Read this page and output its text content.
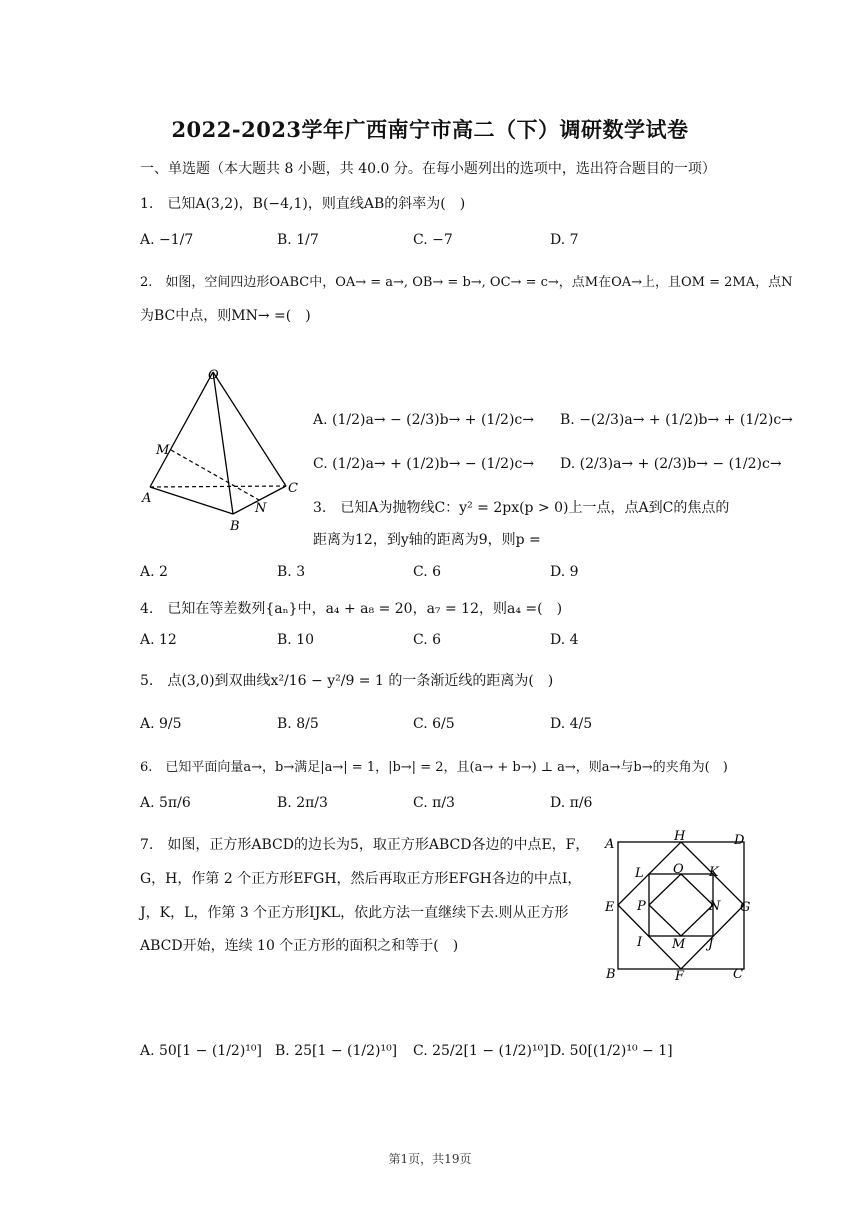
2022-2023学年广西南宁市高二（下）调研数学试卷
一、单选题（本大题共 8 小题，共 40.0 分。在每小题列出的选项中，选出符合题目的一项）
1.　已知A(3,2)，B(−4,1)，则直线AB的斜率为(　)
A. −1/7	B. 1/7	C. −7	D. 7
2.　如图，空间四边形OABC中，OA→ = a→, OB→ = b→, OC→ = c→，点M在OA→上，且OM = 2MA，点N
为BC中点，则MN→ =(　)
O
M
A
B
N
C
A. (1/2)a→ − (2/3)b→ + (1/2)c→ B. −(2/3)a→ + (1/2)b→ + (1/2)c→
C. (1/2)a→ + (1/2)b→ − (1/2)c→ D. (2/3)a→ + (2/3)b→ − (1/2)c→
3.　已知A为抛物线C：y² = 2px(p > 0)上一点，点A到C的焦点的
距离为12，到y轴的距离为9，则p =
A. 2	B. 3	C. 6	D. 9
4.　已知在等差数列{aₙ}中，a₄ + a₈ = 20，a₇ = 12，则a₄ =(　)
A. 12	B. 10	C. 6	D. 4
5.　点(3,0)到双曲线x²/16 − y²/9 = 1 的一条渐近线的距离为(　)
A. 9/5	B. 8/5	C. 6/5	D. 4/5
6.　已知平面向量a→，b→满足|a→| = 1，|b→| = 2，且(a→ + b→) ⊥ a→，则a→与b→的夹角为(　)
A. 5π/6	B. 2π/3	C. π/3	D. π/6
7.　如图，正方形ABCD的边长为5，取正方形ABCD各边的中点E，F，
G，H，作第 2 个正方形EFGH，然后再取正方形EFGH各边的中点I，
J，K，L，作第 3 个正方形IJKL，依此方法一直继续下去.则从正方形
ABCD开始，连续 10 个正方形的面积之和等于(　)
A
H	D
L O K
E P	N G
I M J
B	F	C
A. 50[1 − (1/2)¹⁰] B. 25[1 − (1/2)¹⁰] C. 25/2[1 − (1/2)¹⁰] D. 50[(1/2)¹⁰ − 1]
第1页，共19页
